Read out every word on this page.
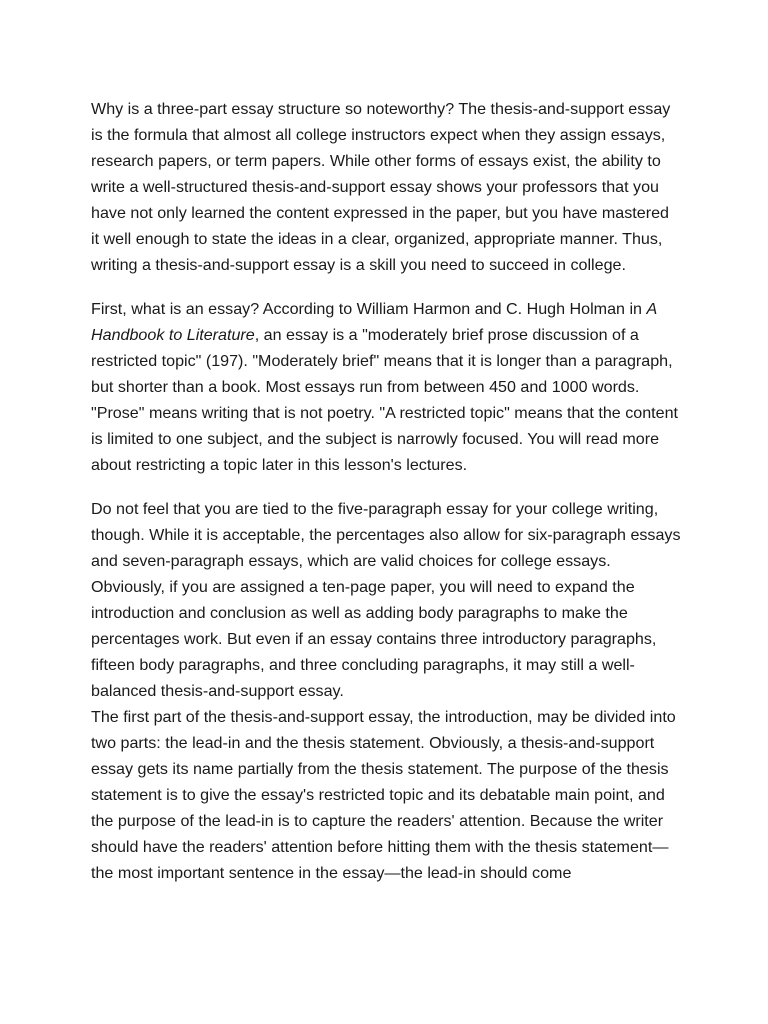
Why is a three-part essay structure so noteworthy? The thesis-and-support essay is the formula that almost all college instructors expect when they assign essays, research papers, or term papers. While other forms of essays exist, the ability to write a well-structured thesis-and-support essay shows your professors that you have not only learned the content expressed in the paper, but you have mastered it well enough to state the ideas in a clear, organized, appropriate manner. Thus, writing a thesis-and-support essay is a skill you need to succeed in college.

First, what is an essay? According to William Harmon and C. Hugh Holman in A Handbook to Literature, an essay is a "moderately brief prose discussion of a restricted topic" (197). "Moderately brief" means that it is longer than a paragraph, but shorter than a book. Most essays run from between 450 and 1000 words. "Prose" means writing that is not poetry. "A restricted topic" means that the content is limited to one subject, and the subject is narrowly focused. You will read more about restricting a topic later in this lesson's lectures.

Do not feel that you are tied to the five-paragraph essay for your college writing, though. While it is acceptable, the percentages also allow for six-paragraph essays and seven-paragraph essays, which are valid choices for college essays. Obviously, if you are assigned a ten-page paper, you will need to expand the introduction and conclusion as well as adding body paragraphs to make the percentages work. But even if an essay contains three introductory paragraphs, fifteen body paragraphs, and three concluding paragraphs, it may still a well-balanced thesis-and-support essay.

The first part of the thesis-and-support essay, the introduction, may be divided into two parts: the lead-in and the thesis statement. Obviously, a thesis-and-support essay gets its name partially from the thesis statement. The purpose of the thesis statement is to give the essay's restricted topic and its debatable main point, and the purpose of the lead-in is to capture the readers' attention. Because the writer should have the readers' attention before hitting them with the thesis statement—the most important sentence in the essay—the lead-in should come
